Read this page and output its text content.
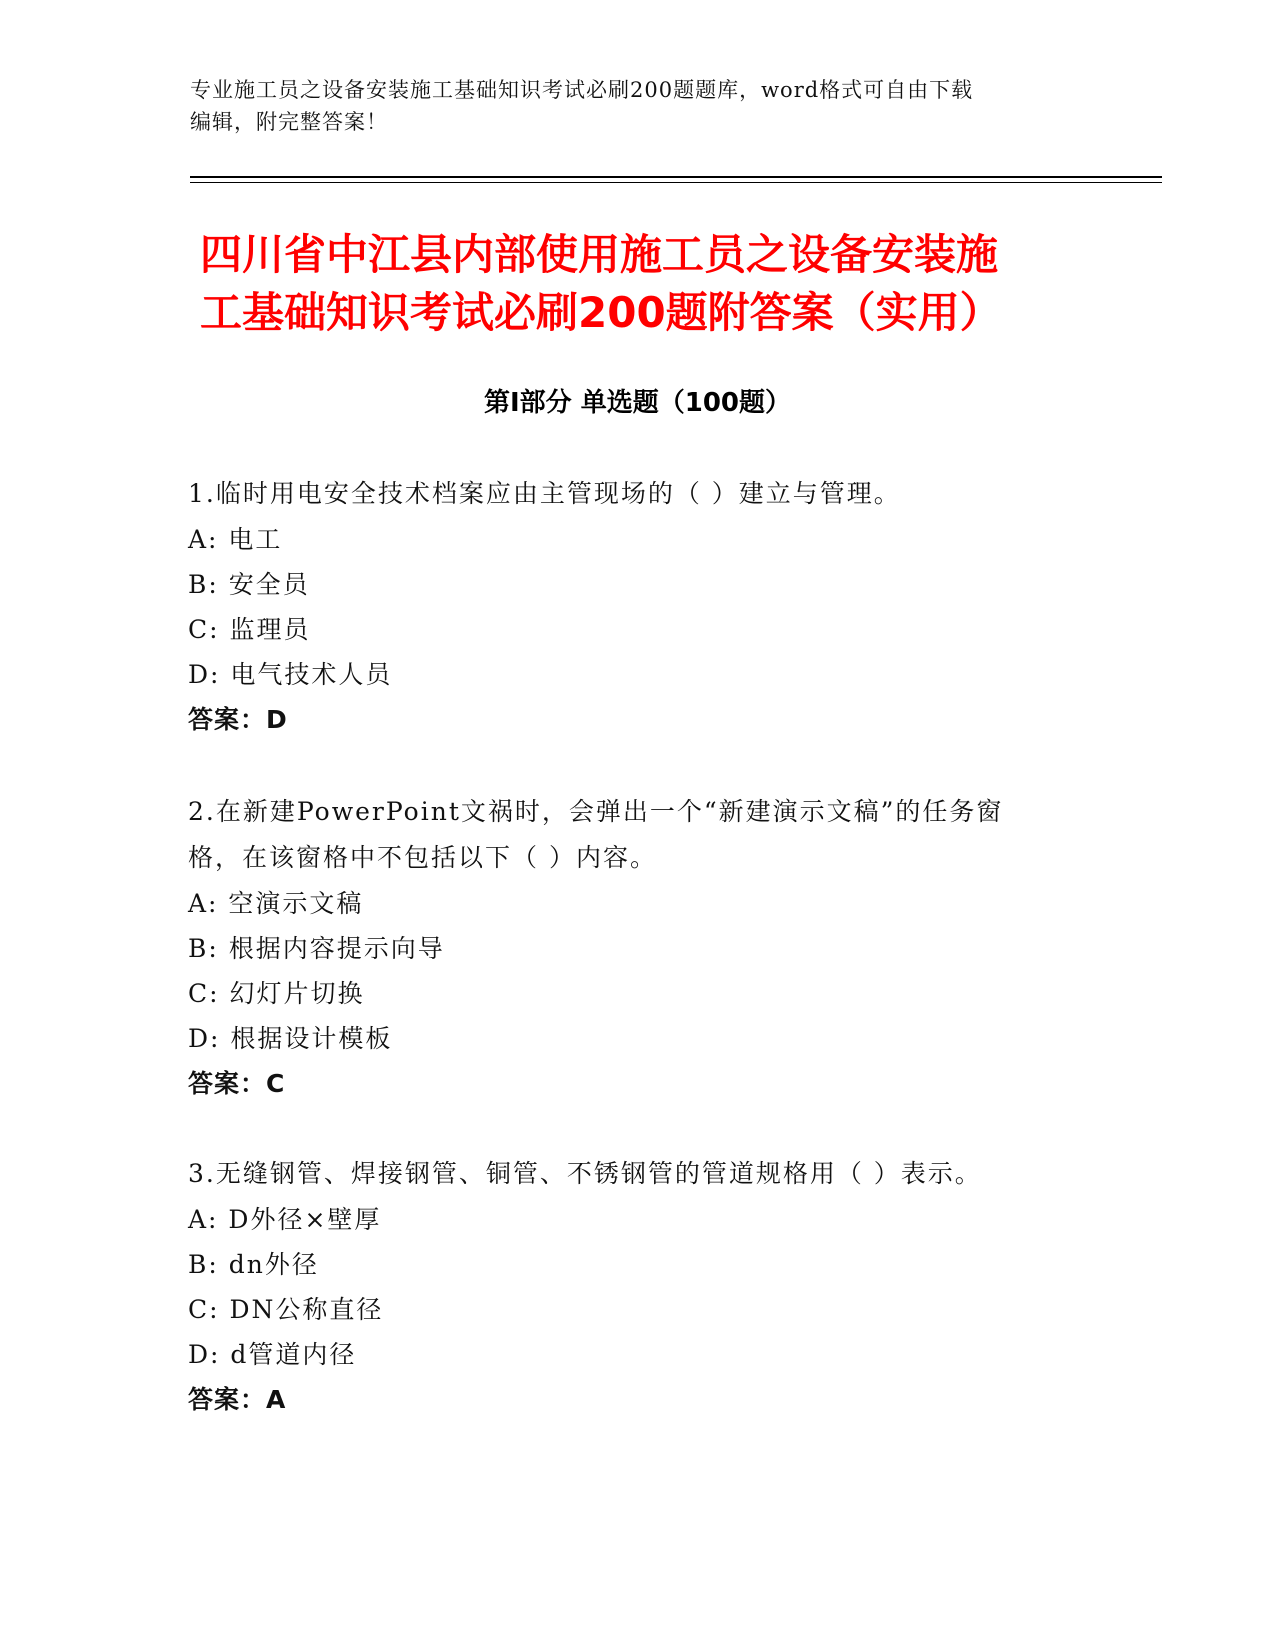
专业施工员之设备安装施工基础知识考试必刷200题题库，word格式可自由下载
编辑，附完整答案！
四川省中江县内部使用施工员之设备安装施
工基础知识考试必刷200题附答案（实用）
第Ⅰ部分 单选题（100题）
1.临时用电安全技术档案应由主管现场的（ ）建立与管理。
A: 电工
B: 安全员
C: 监理员
D: 电气技术人员
答案：D
2.在新建PowerPoint文祸时，会弹出一个“新建演示文稿”的任务窗
格，在该窗格中不包括以下（ ）内容。
A: 空演示文稿
B: 根据内容提示向导
C: 幻灯片切换
D: 根据设计模板
答案：C
3.无缝钢管、焊接钢管、铜管、不锈钢管的管道规格用（ ）表示。
A: D外径×壁厚
B: dn外径
C: DN公称直径
D: d管道内径
答案：A
